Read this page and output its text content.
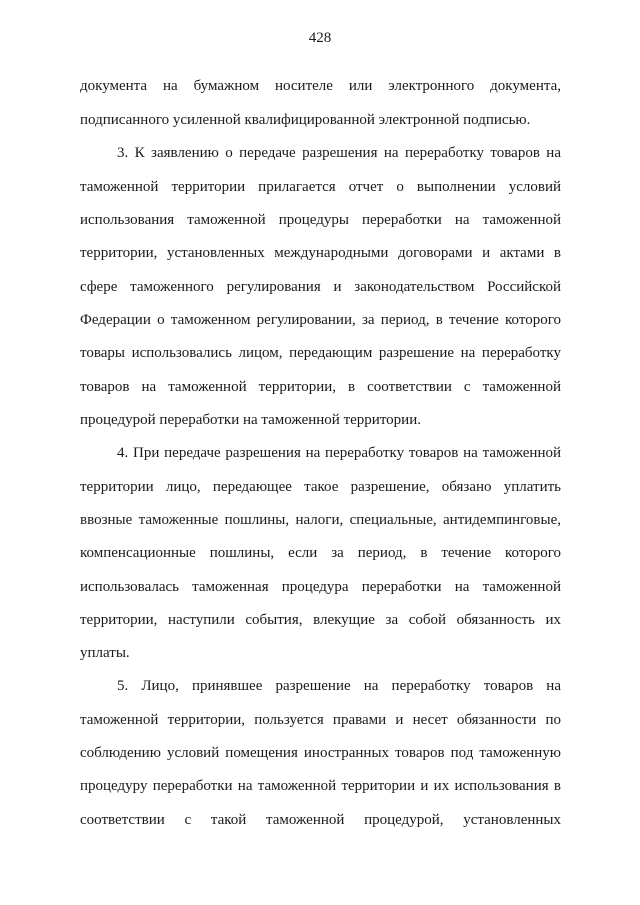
428
документа на бумажном носителе или электронного документа,
подписанного усиленной квалифицированной электронной подписью.
3. К заявлению о передаче разрешения на переработку товаров на
таможенной территории прилагается отчет о выполнении условий
использования таможенной процедуры переработки на таможенной
территории, установленных международными договорами и актами в
сфере таможенного регулирования и законодательством Российской
Федерации о таможенном регулировании, за период, в течение которого
товары использовались лицом, передающим разрешение на переработку
товаров на таможенной территории, в соответствии с таможенной
процедурой переработки на таможенной территории.
4. При передаче разрешения на переработку товаров на таможенной
территории лицо, передающее такое разрешение, обязано уплатить
ввозные таможенные пошлины, налоги, специальные, антидемпинговые,
компенсационные пошлины, если за период, в течение которого
использовалась таможенная процедура переработки на таможенной
территории, наступили события, влекущие за собой обязанность их
уплаты.
5. Лицо, принявшее разрешение на переработку товаров на
таможенной территории, пользуется правами и несет обязанности по
соблюдению условий помещения иностранных товаров под таможенную
процедуру переработки на таможенной территории и их использования в
соответствии с такой таможенной процедурой, установленных
